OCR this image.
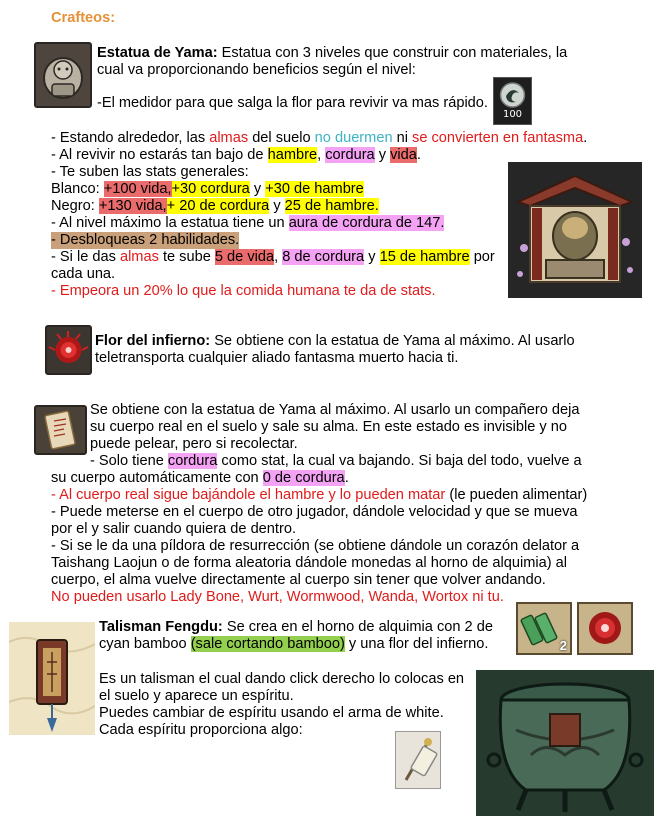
Crafteos:
Estatua de Yama: Estatua con 3 niveles que construir con materiales, la
cual va proporcionando beneficios según el nivel:
-El medidor para que salga la flor para revivir va mas rápido.
100
- Estando alrededor, las almas del suelo no duermen ni se convierten en fantasma.
- Al revivir no estarás tan bajo de hambre, cordura y vida.
- Te suben las stats generales:
Blanco: +100 vida,+30 cordura y +30 de hambre
Negro: +130 vida,+ 20 de cordura y 25 de hambre.
- Al nivel máximo la estatua tiene un aura de cordura de 147.
- Desbloqueas 2 habilidades.
- Si le das almas te sube 5 de vida, 8 de cordura y 15 de hambre por
cada una.
- Empeora un 20% lo que la comida humana te da de stats.
Flor del infierno: Se obtiene con la estatua de Yama al máximo. Al usarlo
teletransporta cualquier aliado fantasma muerto hacia ti.
Se obtiene con la estatua de Yama al máximo. Al usarlo un compañero deja
su cuerpo real en el suelo y sale su alma. En este estado es invisible y no
puede pelear, pero si recolectar.
- Solo tiene cordura como stat, la cual va bajando. Si baja del todo, vuelve a
su cuerpo automáticamente con 0 de cordura.
- Al cuerpo real sigue bajándole el hambre y lo pueden matar (le pueden alimentar)
- Puede meterse en el cuerpo de otro jugador, dándole velocidad y que se mueva
por el y salir cuando quiera de dentro.
- Si se le da una píldora de resurrección (se obtiene dándole un corazón delator a
Taishang Laojun o de forma aleatoria dándole monedas al horno de alquimia) al
cuerpo, el alma vuelve directamente al cuerpo sin tener que volver andando.
No pueden usarlo Lady Bone, Wurt, Wormwood, Wanda, Wortox ni tu.
Talisman Fengdu: Se crea en el horno de alquimia con 2 de
cyan bamboo (sale cortando bamboo) y una flor del infierno.	2
Es un talisman el cual dando click derecho lo colocas en
el suelo y aparece un espíritu.
Puedes cambiar de espíritu usando el arma de white.
Cada espíritu proporciona algo:
